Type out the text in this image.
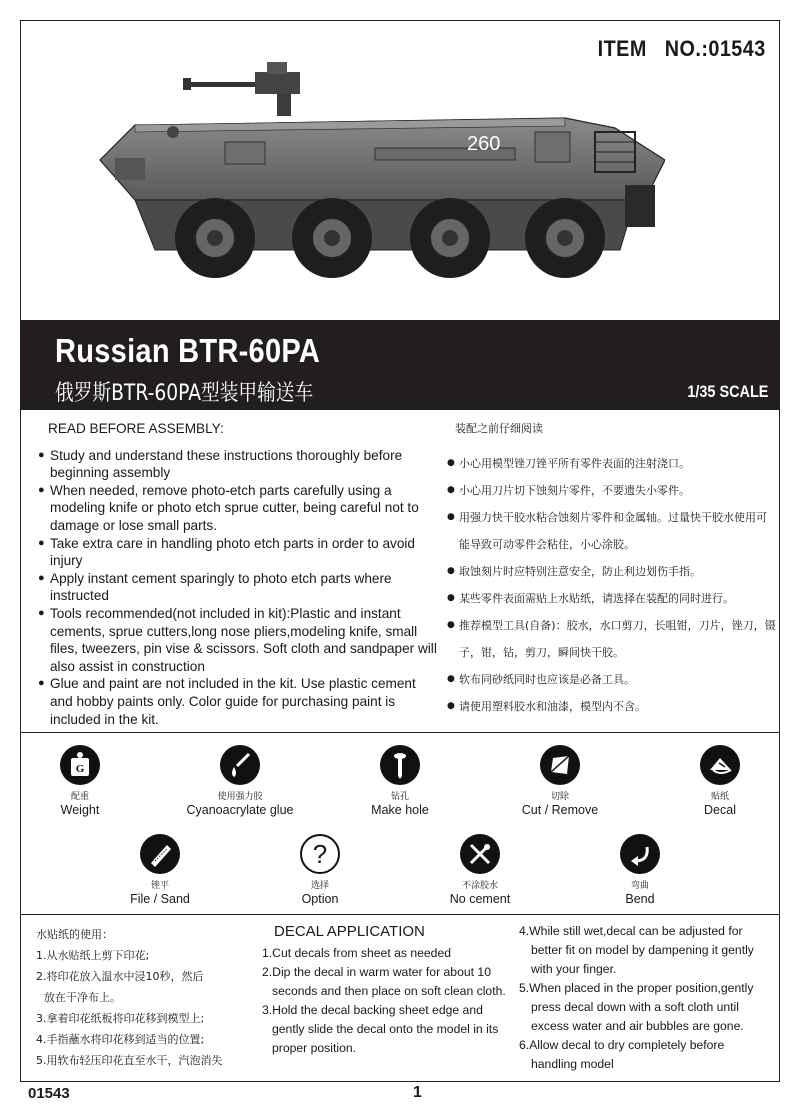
ITEM NO.:01543
260
Russian BTR-60PA
俄罗斯BTR-60PA型装甲输送车	1/35 SCALE
READ BEFORE ASSEMBLY:
● Study and understand these instructions thoroughly before beginning assembly
● When needed, remove photo-etch parts carefully using a modeling knife or photo etch sprue cutter, being careful not to damage or lose small parts.
● Take extra care in handling photo etch parts in order to avoid injury
● Apply instant cement sparingly to photo etch parts where instructed
● Tools recommended(not included in kit):Plastic and instant cements, sprue cutters,long nose pliers,modeling knife, small files, tweezers, pin vise & scissors. Soft cloth and sandpaper will also assist in construction
● Glue and paint are not included in the kit. Use plastic cement and hobby paints only. Color guide for purchasing paint is included in the kit.
装配之前仔细阅读
● 小心用模型锉刀锉平所有零件表面的注射浇口。
● 小心用刀片切下蚀刻片零件，不要遗失小零件。
● 用强力快干胶水粘合蚀刻片零件和金属轴。过量快干胶水使用可能导致可动零件会粘住，小心涂胶。
● 取蚀刻片时应特别注意安全，防止利边划伤手指。
● 某些零件表面需贴上水贴纸，请选择在装配的同时进行。
● 推荐模型工具(自备)：胶水，水口剪刀，长咀钳，刀片，锉刀，镊子，钳，钻，剪刀，瞬间快干胶。
● 软布同砂纸同时也应该是必备工具。
● 请使用塑料胶水和油漆，模型内不含。
G
配重
Weight
使用强力胶
Cyanoacrylate glue
钻孔
Make hole
切除
Cut / Remove
贴纸
Decal
锉平
File / Sand
?
选择
Option
不涂胶水
No cement
弯曲
Bend
水贴纸的使用：
1.从水贴纸上剪下印花;
2.将印花放入温水中浸10秒，然后
放在干净布上。
3.拿着印花纸板将印花移到模型上;
4.手指蘸水将印花移到适当的位置;
5.用软布轻压印花直至水干，汽泡消失
DECAL APPLICATION
1.Cut decals from sheet as needed
2.Dip the decal in warm water for about 10
seconds and then place on soft clean cloth.
3.Hold the decal backing sheet edge and
gently slide the decal onto the model in its
proper position.
4.While still wet,decal can be adjusted for
better fit on model by dampening it gently
with your finger.
5.When placed in the proper position,gently
press decal down with a soft cloth until
excess water and air bubbles are gone.
6.Allow decal to dry completely before
handling model
01543	1
